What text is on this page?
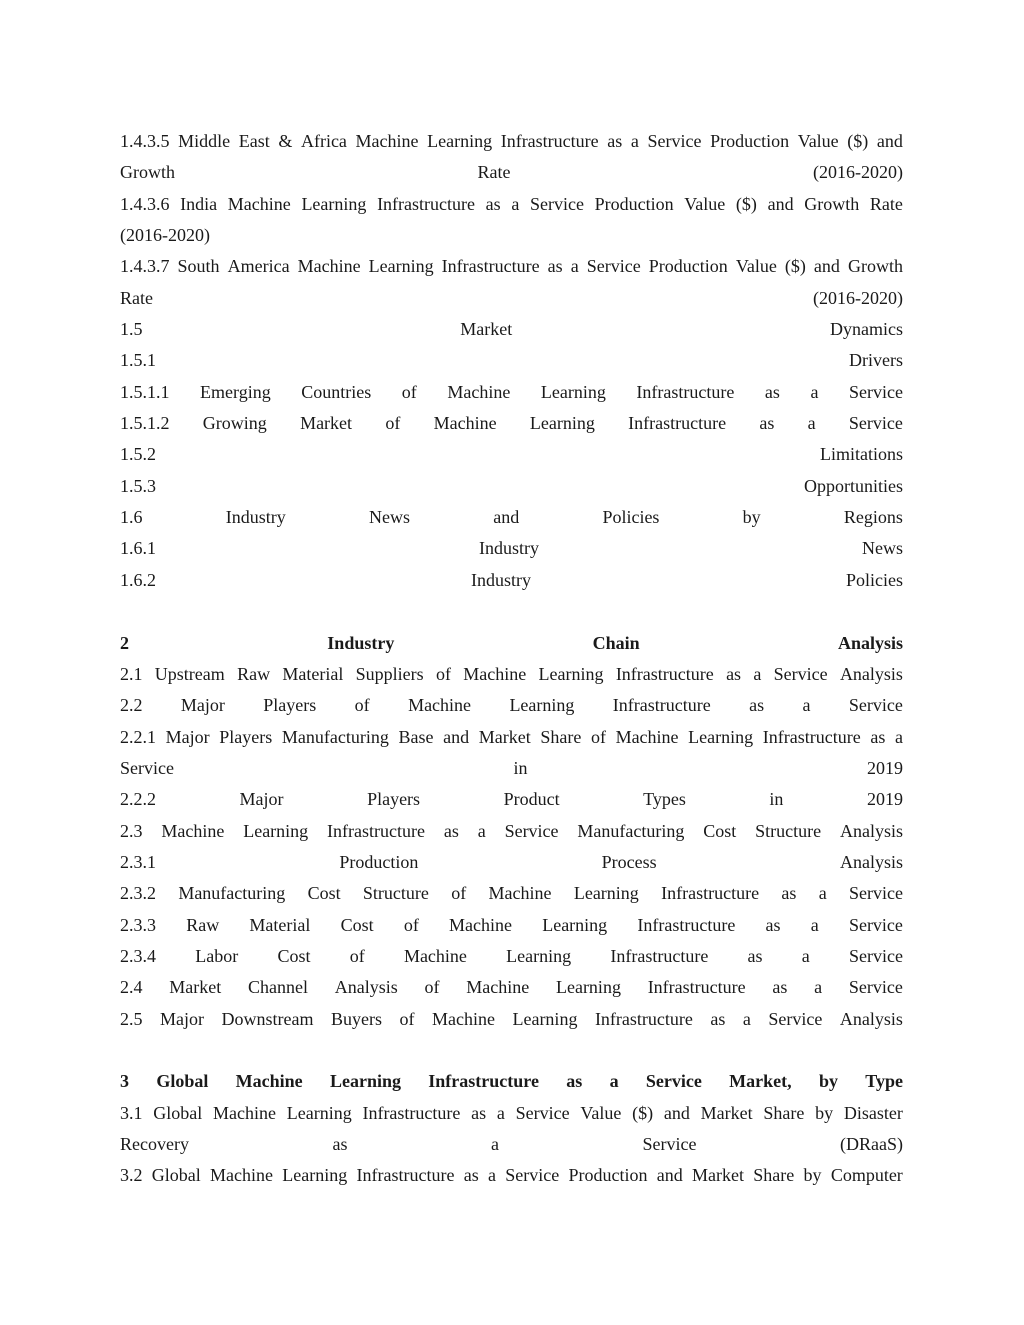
1.4.3.5 Middle East & Africa Machine Learning Infrastructure as a Service Production Value ($) and
Growth	Rate	(2016-2020)
1.4.3.6 India Machine Learning Infrastructure as a Service Production Value ($) and Growth Rate
(2016-2020)
1.4.3.7 South America Machine Learning Infrastructure as a Service Production Value ($) and Growth
Rate	(2016-2020)
1.5	Market	Dynamics
1.5.1	Drivers
1.5.1.1 Emerging Countries of Machine Learning Infrastructure as a Service
1.5.1.2 Growing Market of Machine Learning Infrastructure as a Service
1.5.2	Limitations
1.5.3	Opportunities
1.6	Industry	News	and	Policies	by	Regions
1.6.1	Industry	News
1.6.2	Industry	Policies
2	Industry	Chain	Analysis
2.1 Upstream Raw Material Suppliers of Machine Learning Infrastructure as a Service Analysis
2.2 Major Players of Machine Learning Infrastructure as a Service
2.2.1 Major Players Manufacturing Base and Market Share of Machine Learning Infrastructure as a
Service	in	2019
2.2.2	Major	Players	Product	Types	in	2019
2.3 Machine Learning Infrastructure as a Service Manufacturing Cost Structure Analysis
2.3.1	Production	Process	Analysis
2.3.2 Manufacturing Cost Structure of Machine Learning Infrastructure as a Service
2.3.3 Raw Material Cost of Machine Learning Infrastructure as a Service
2.3.4 Labor Cost of Machine Learning Infrastructure as a Service
2.4 Market Channel Analysis of Machine Learning Infrastructure as a Service
2.5 Major Downstream Buyers of Machine Learning Infrastructure as a Service Analysis
3 Global Machine Learning Infrastructure as a Service Market, by Type
3.1 Global Machine Learning Infrastructure as a Service Value ($) and Market Share by Disaster
Recovery	as	a	Service	(DRaaS)
3.2 Global Machine Learning Infrastructure as a Service Production and Market Share by Computer
